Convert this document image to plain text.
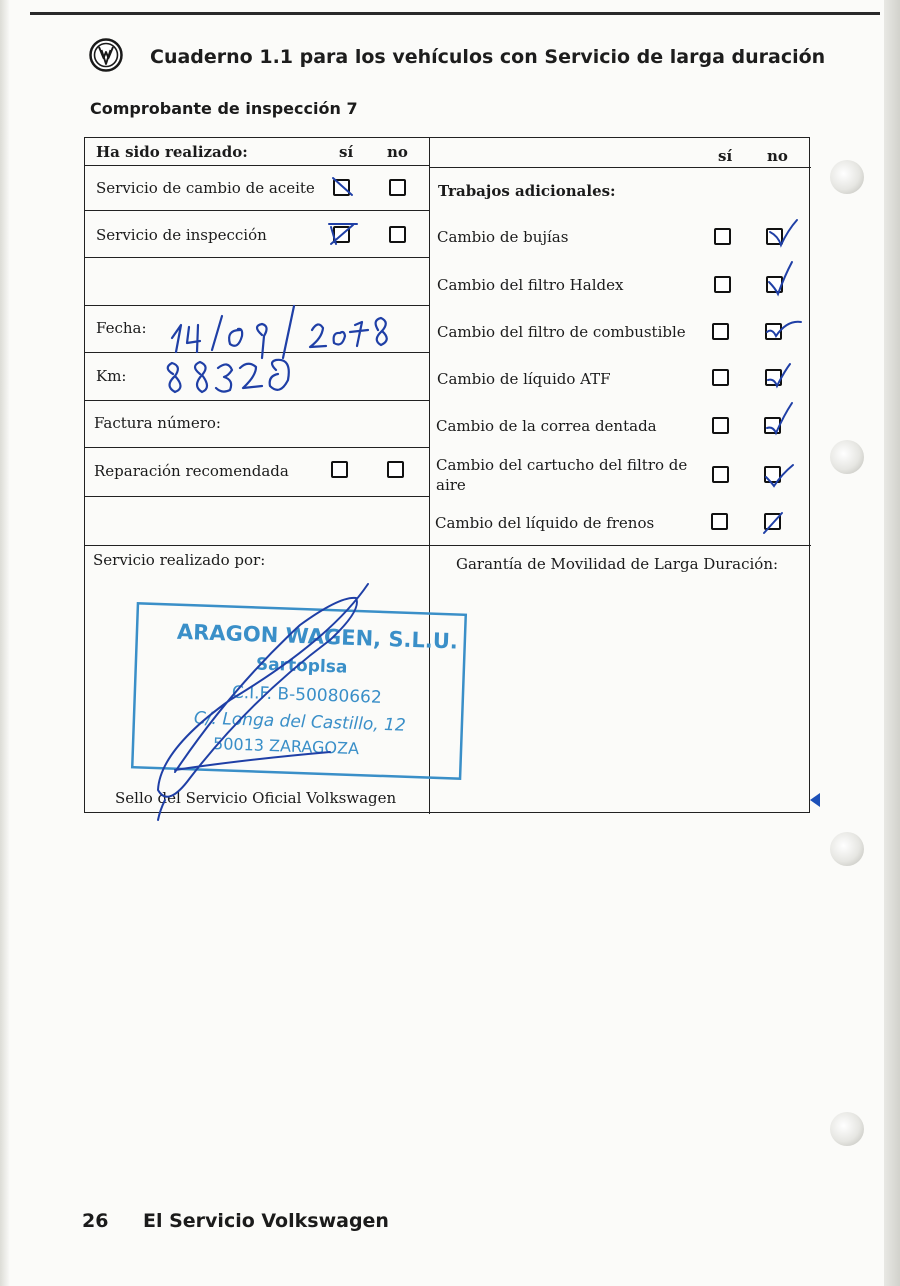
Cuaderno 1.1 para los vehículos con Servicio de larga duración
Comprobante de inspección 7
Ha sido realizado:	sí no
Servicio de cambio de aceite
Servicio de inspección
Fecha:
Km:
Factura número:
Reparación recomendada
sí no
Trabajos adicionales:
Cambio de bujías
Cambio del filtro Haldex
Cambio del filtro de combustible
Cambio de líquido ATF
Cambio de la correa dentada
Cambio del cartucho del filtro de
aire
Cambio del líquido de frenos
Servicio realizado por:	Garantía de Movilidad de Larga Duración:
Sello del Servicio Oficial Volkswagen
ARAGON WAGEN, S.L.U.
Sartoplsa
C.I.F. B-50080662
C/. Longa del Castillo, 12
50013 ZARAGOZA
26 El Servicio Volkswagen
